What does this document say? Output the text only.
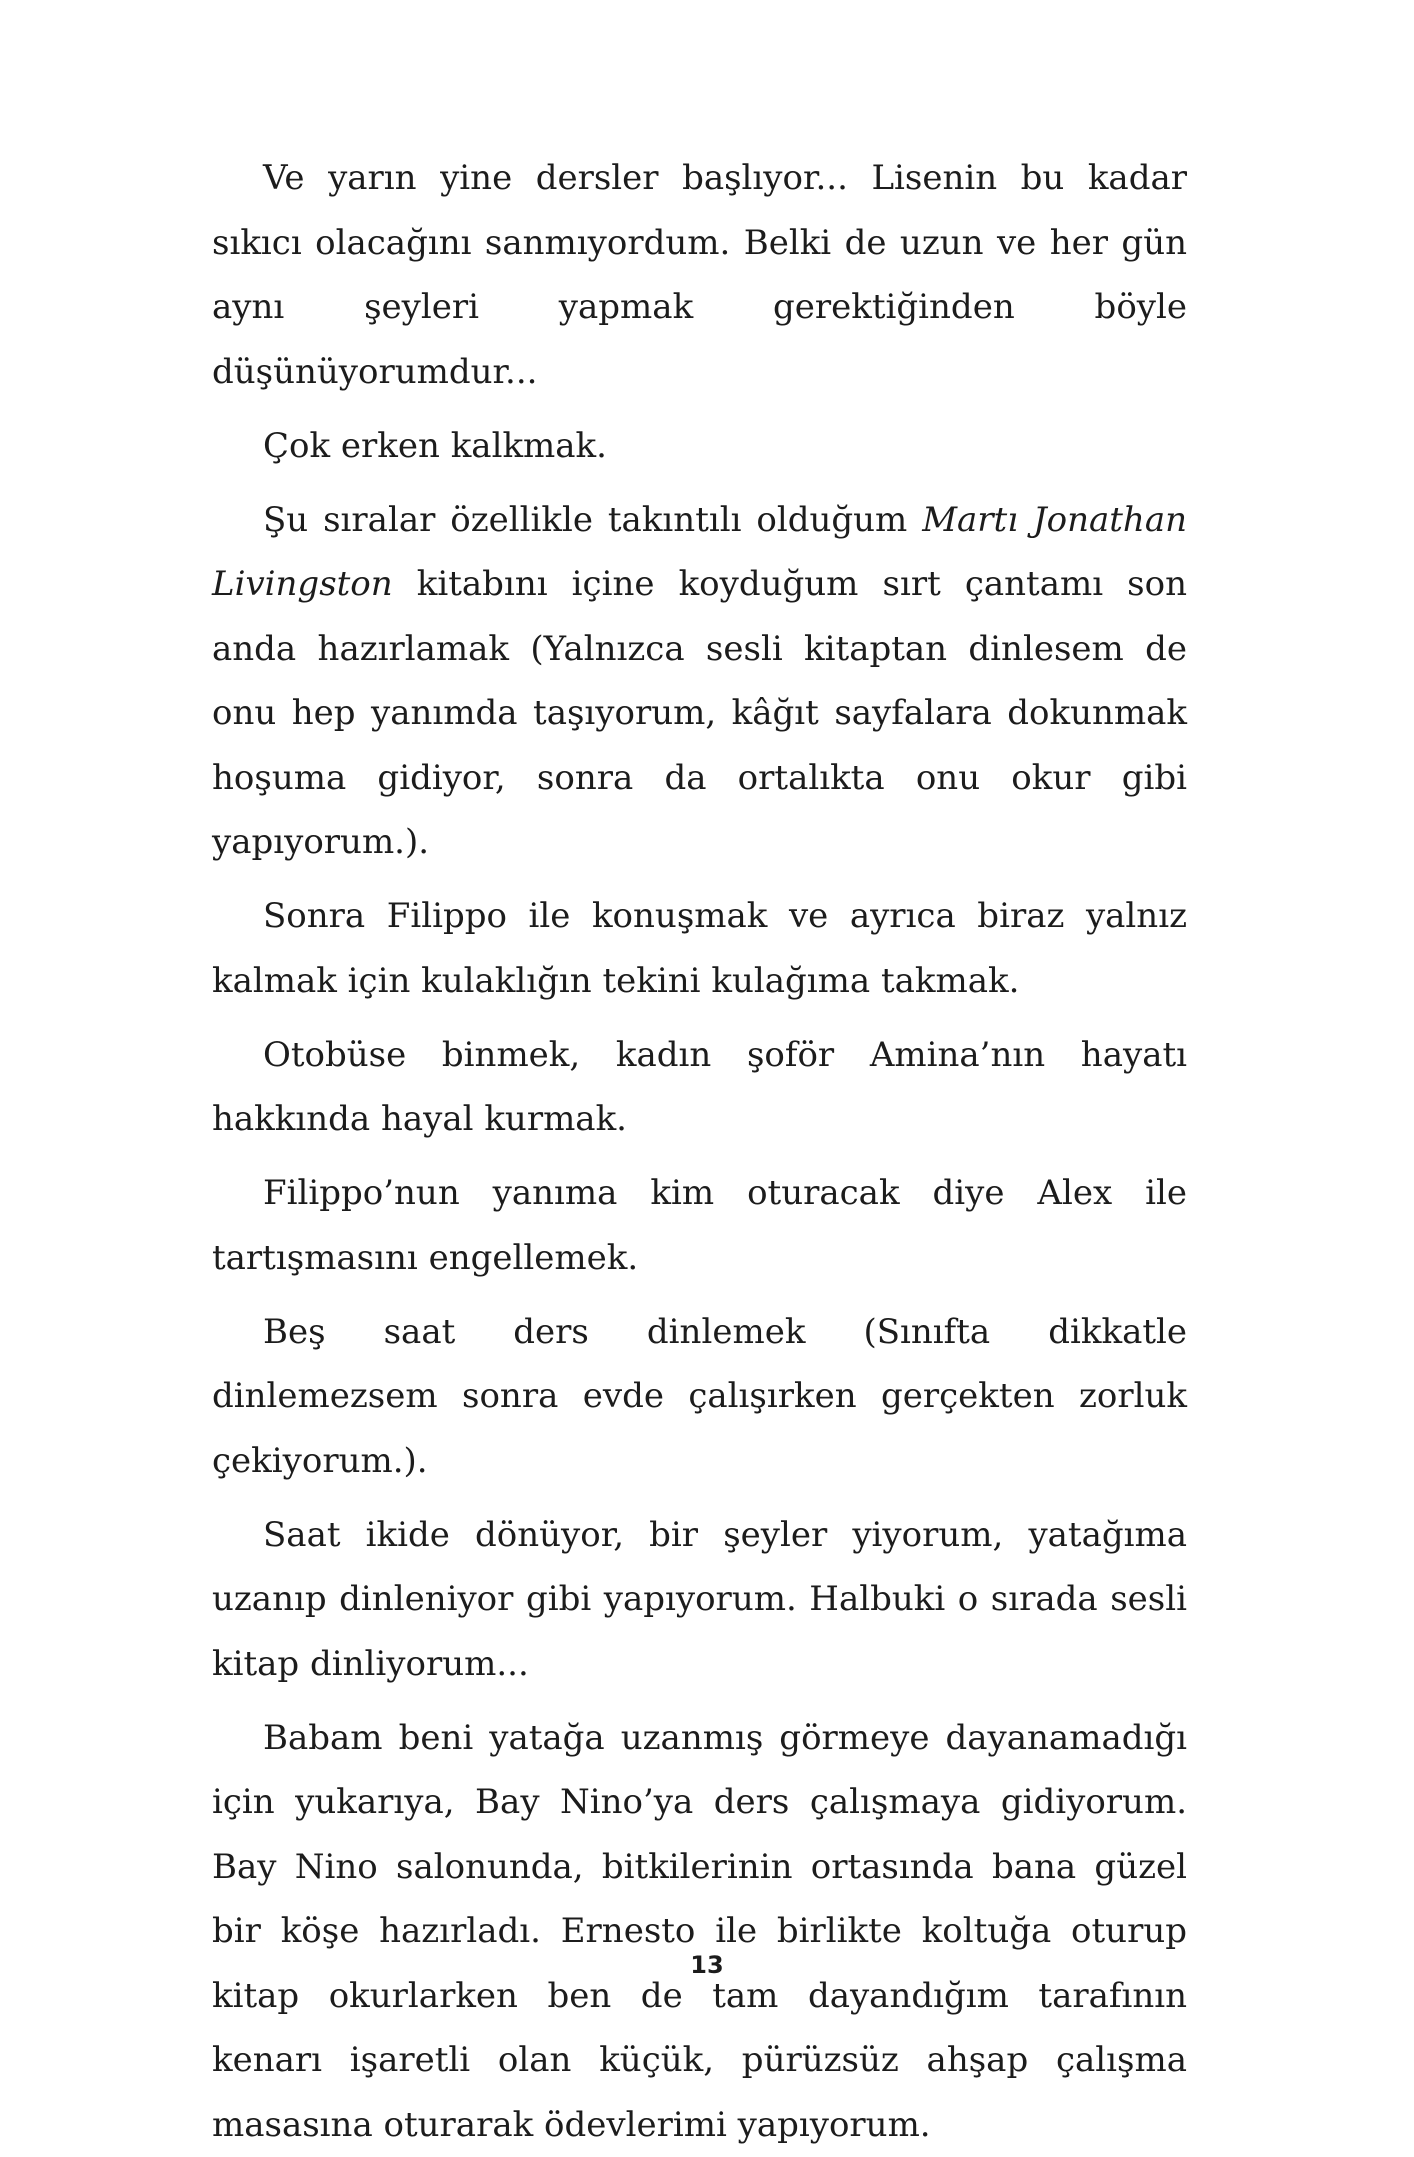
Ve yarın yine dersler başlıyor... Lisenin bu kadar sıkıcı olacağını sanmıyordum. Belki de uzun ve her gün aynı şeyleri yapmak gerektiğinden böyle düşünüyorumdur...

Çok erken kalkmak.

Şu sıralar özellikle takıntılı olduğum Martı Jonathan Livingston kitabını içine koyduğum sırt çantamı son anda hazırlamak (Yalnızca sesli kitaptan dinlesem de onu hep yanımda taşıyorum, kâğıt sayfalara dokunmak hoşuma gidiyor, sonra da ortalıkta onu okur gibi yapıyorum.).

Sonra Filippo ile konuşmak ve ayrıca biraz yalnız kalmak için kulaklığın tekini kulağıma takmak.

Otobüse binmek, kadın şoför Amina’nın hayatı hakkında hayal kurmak.

Filippo’nun yanıma kim oturacak diye Alex ile tartışmasını engellemek.

Beş saat ders dinlemek (Sınıfta dikkatle dinlemezsem sonra evde çalışırken gerçekten zorluk çekiyorum.).

Saat ikide dönüyor, bir şeyler yiyorum, yatağıma uzanıp dinleniyor gibi yapıyorum. Halbuki o sırada sesli kitap dinliyorum...

Babam beni yatağa uzanmış görmeye dayanamadığı için yukarıya, Bay Nino’ya ders çalışmaya gidiyorum. Bay Nino salonunda, bitkilerinin ortasında bana güzel bir köşe hazırladı. Ernesto ile birlikte koltuğa oturup kitap okurlarken ben de tam dayandığım tarafının kenarı işaretli olan küçük, pürüzsüz ahşap çalışma masasına oturarak ödevlerimi yapıyorum.

13
